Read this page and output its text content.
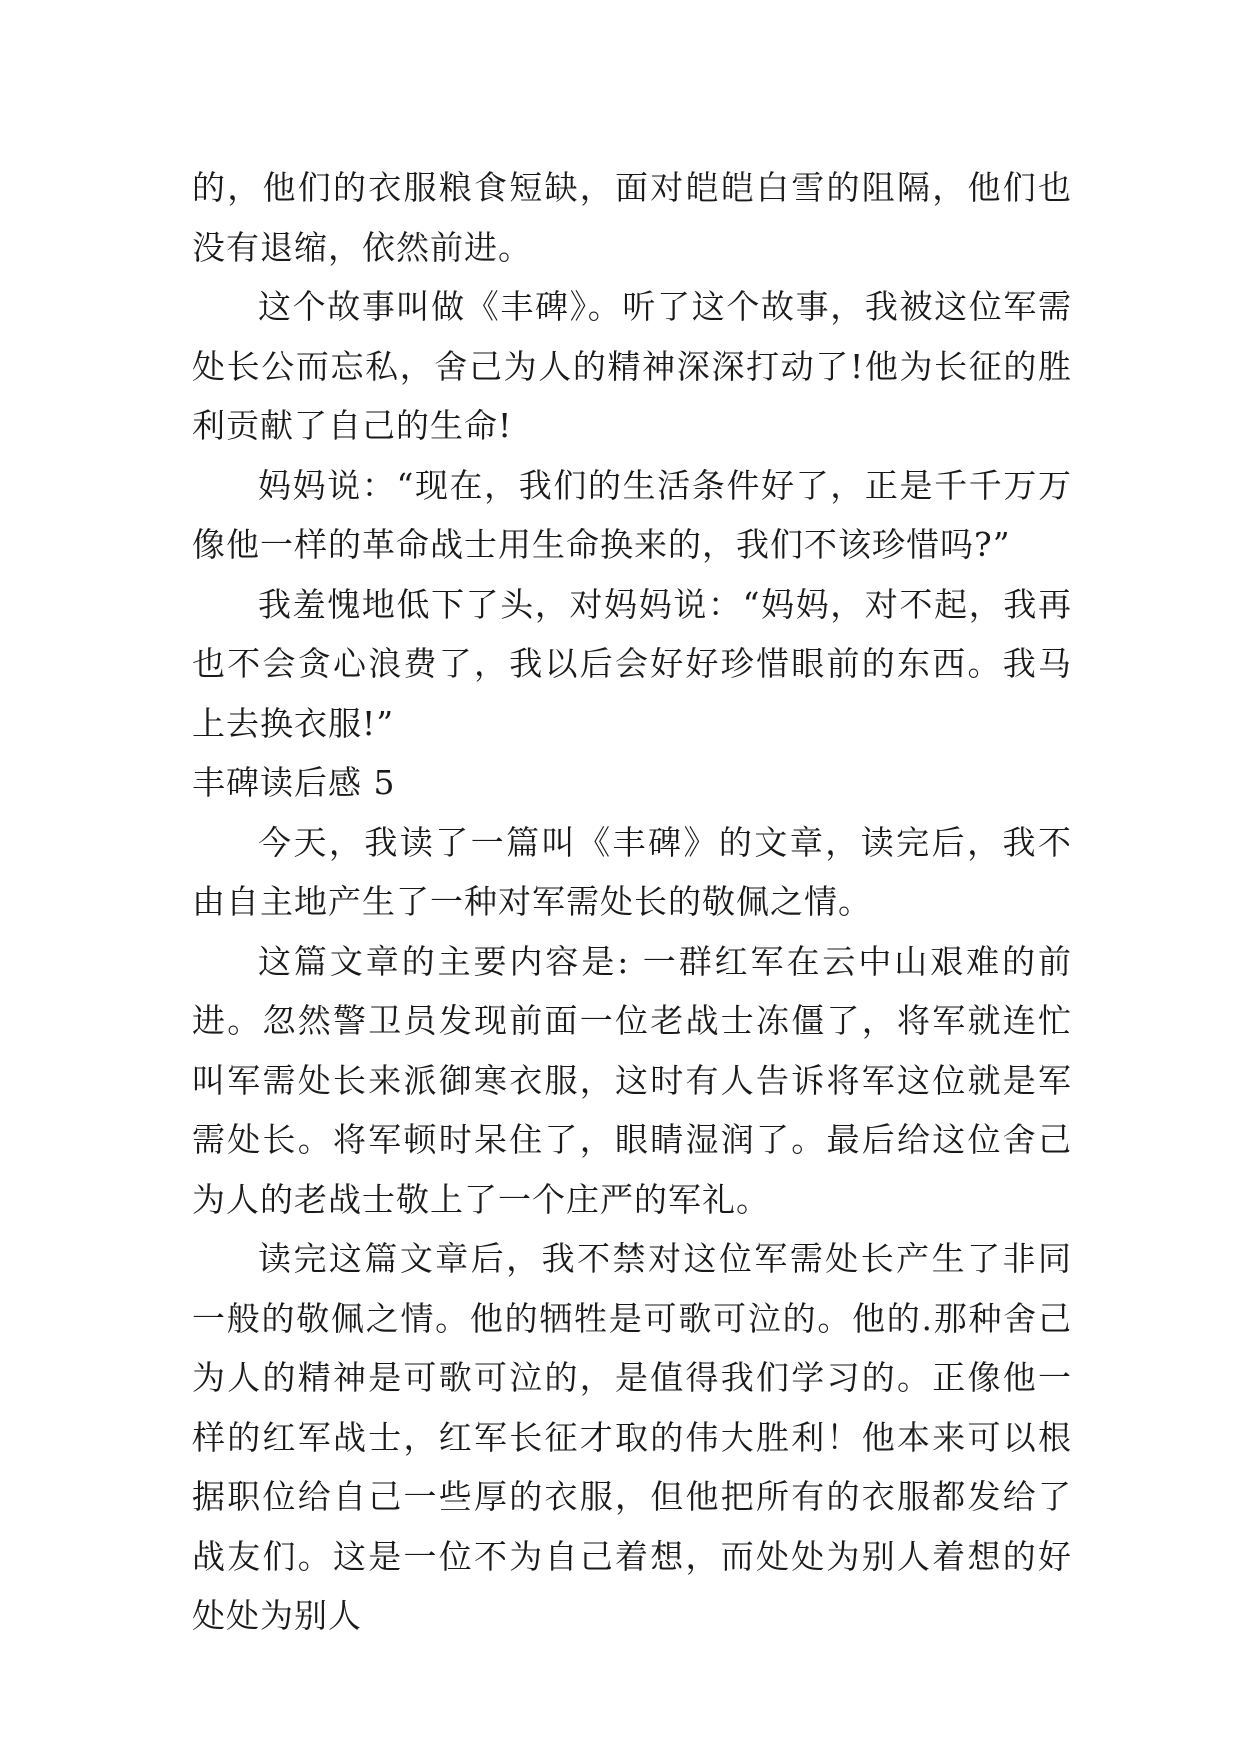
的，他们的衣服粮食短缺，面对皑皑白雪的阻隔，他们也没有退缩，依然前进。

这个故事叫做《丰碑》。听了这个故事，我被这位军需处长公而忘私，舍己为人的精神深深打动了!他为长征的胜利贡献了自己的生命!

妈妈说：“现在，我们的生活条件好了，正是千千万万像他一样的革命战士用生命换来的，我们不该珍惜吗?”

我羞愧地低下了头，对妈妈说：“妈妈，对不起，我再也不会贪心浪费了，我以后会好好珍惜眼前的东西。我马上去换衣服!”

丰碑读后感 5

今天，我读了一篇叫《丰碑》的文章，读完后，我不由自主地产生了一种对军需处长的敬佩之情。

这篇文章的主要内容是: 一群红军在云中山艰难的前进。忽然警卫员发现前面一位老战士冻僵了，将军就连忙叫军需处长来派御寒衣服，这时有人告诉将军这位就是军需处长。将军顿时呆住了，眼睛湿润了。最后给这位舍己为人的老战士敬上了一个庄严的军礼。

读完这篇文章后，我不禁对这位军需处长产生了非同一般的敬佩之情。他的牺牲是可歌可泣的。他的.那种舍己为人的精神是可歌可泣的，是值得我们学习的。正像他一样的红军战士，红军长征才取的伟大胜利！他本来可以根据职位给自己一些厚的衣服，但他把所有的衣服都发给了战友们。这是一位不为自己着想，而处处为别人着想的好处处为别人
